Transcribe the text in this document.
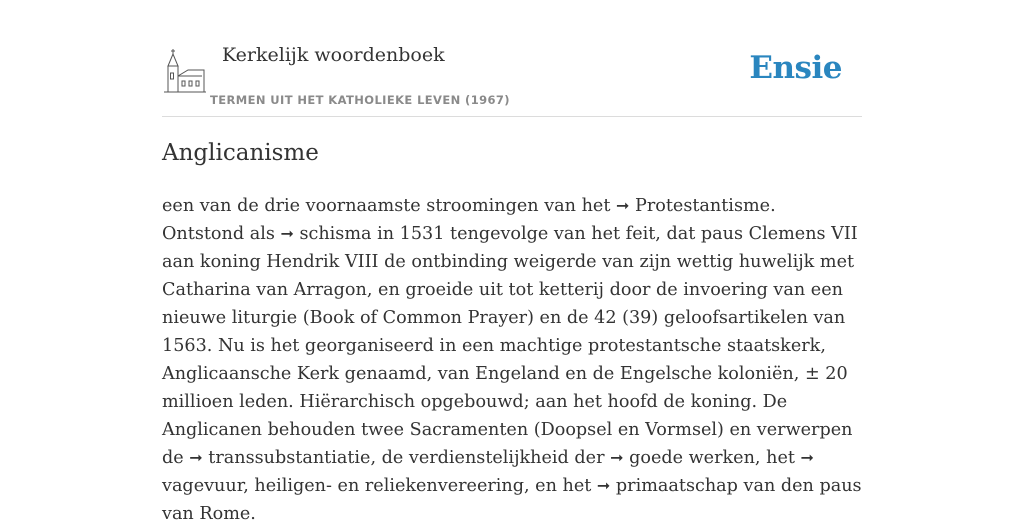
Kerkelijk woordenboek
TERMEN UIT HET KATHOLIEKE LEVEN (1967)
Ensie
Anglicanisme
een van de drie voornaamste stroomingen van het ➞ Protestantisme. Ontstond als ➞ schisma in 1531 tengevolge van het feit, dat paus Clemens VII aan koning Hendrik VIII de ontbinding weigerde van zijn wettig huwelijk met Catharina van Arragon, en groeide uit tot ketterij door de invoering van een nieuwe liturgie (Book of Common Prayer) en de 42 (39) geloofsartikelen van 1563. Nu is het georganiseerd in een machtige protestantsche staatskerk, Anglicaansche Kerk genaamd, van Engeland en de Engelsche koloniën, ± 20 millioen leden. Hiërarchisch opgebouwd; aan het hoofd de koning. De Anglicanen behouden twee Sacramenten (Doopsel en Vormsel) en verwerpen de ➞ transsubstantiatie, de verdienstelijkheid der ➞ goede werken, het ➞ vagevuur, heiligen- en reliekenvereering, en het ➞ primaatschap van den paus van Rome.
